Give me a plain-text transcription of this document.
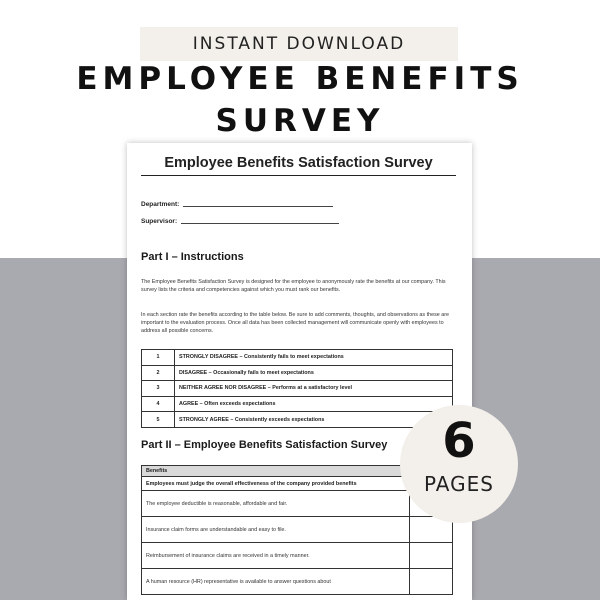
INSTANT DOWNLOAD
EMPLOYEE BENEFITS
SURVEY
Employee Benefits Satisfaction Survey
Department:
Supervisor:
Part I – Instructions
The Employee Benefits Satisfaction Survey is designed for the employee to anonymously rate the benefits at our company. This survey lists the criteria and competencies against which you must rank our benefits.
In each section rate the benefits according to the table below. Be sure to add comments, thoughts, and observations as these are important to the evaluation process. Once all data has been collected management will communicate openly with employees to address all possible concerns.
1	STRONGLY DISAGREE – Consistently fails to meet expectations
2	DISAGREE – Occasionally fails to meet expectations
3	NEITHER AGREE NOR DISAGREE – Performs at a satisfactory level
4	AGREE – Often exceeds expectations
5	STRONGLY AGREE – Consistently exceeds expectations
Part II – Employee Benefits Satisfaction Survey
Benefits	
Employees must judge the overall effectiveness of the company provided benefits	
The employee deductible is reasonable, affordable and fair.	
Insurance claim forms are understandable and easy to file.	
Reimbursement of insurance claims are received in a timely manner.	
A human resource (HR) representative is available to answer questions about	
6
PAGES
